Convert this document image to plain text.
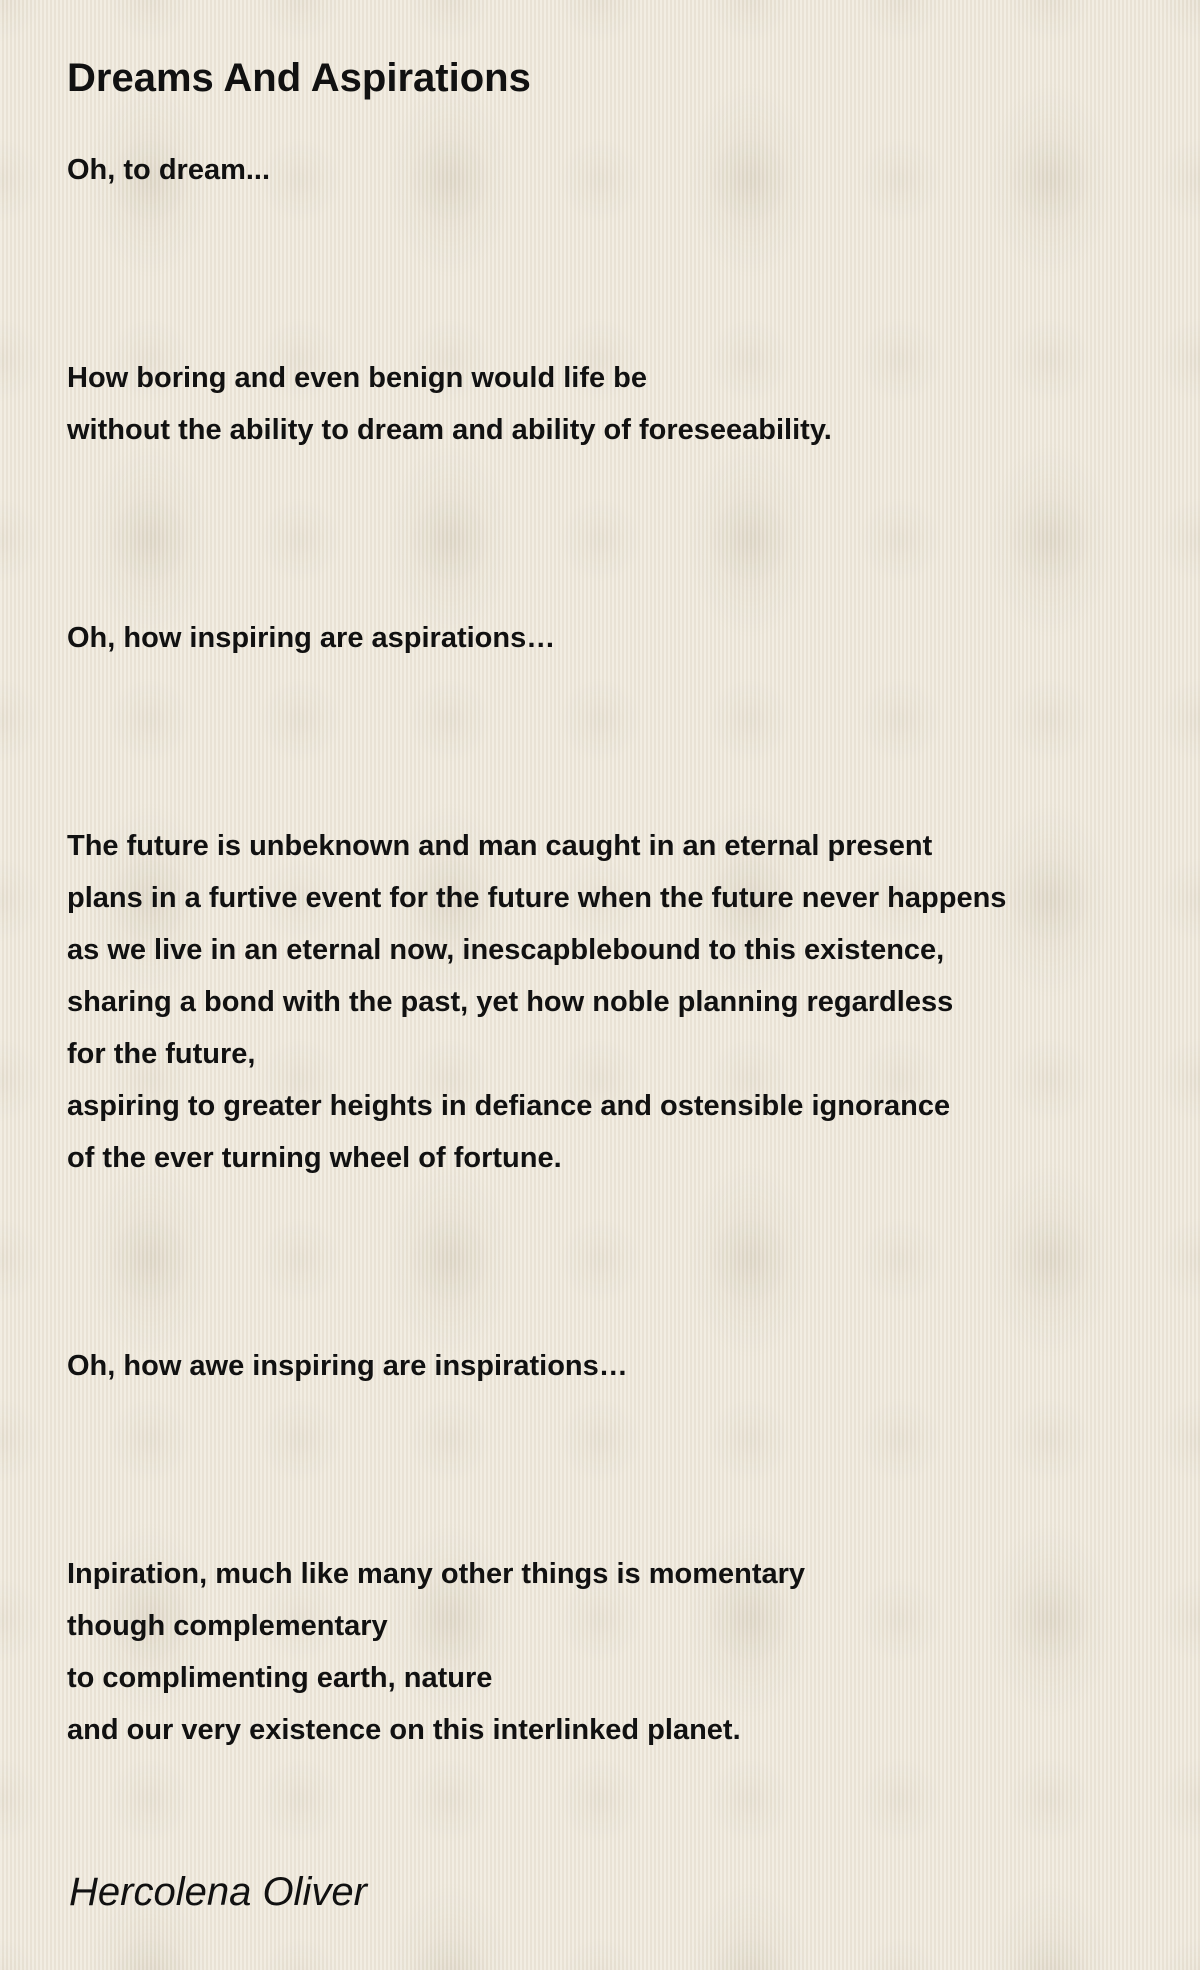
Dreams And Aspirations
Oh, to dream...
How boring and even benign would life be
without the ability to dream and ability of foreseeability.
Oh, how inspiring are aspirations…
The future is unbeknown and man caught in an eternal present
plans in a furtive event for the future when the future never happens
as we live in an eternal now, inescapblebound to this existence,
sharing a bond with the past, yet how noble planning regardless
for the future,
aspiring to greater heights in defiance and ostensible ignorance
of the ever turning wheel of fortune.
Oh, how awe inspiring are inspirations…
Inpiration, much like many other things is momentary
though complementary
to complimenting earth, nature
and our very existence on this interlinked planet.
Hercolena Oliver
